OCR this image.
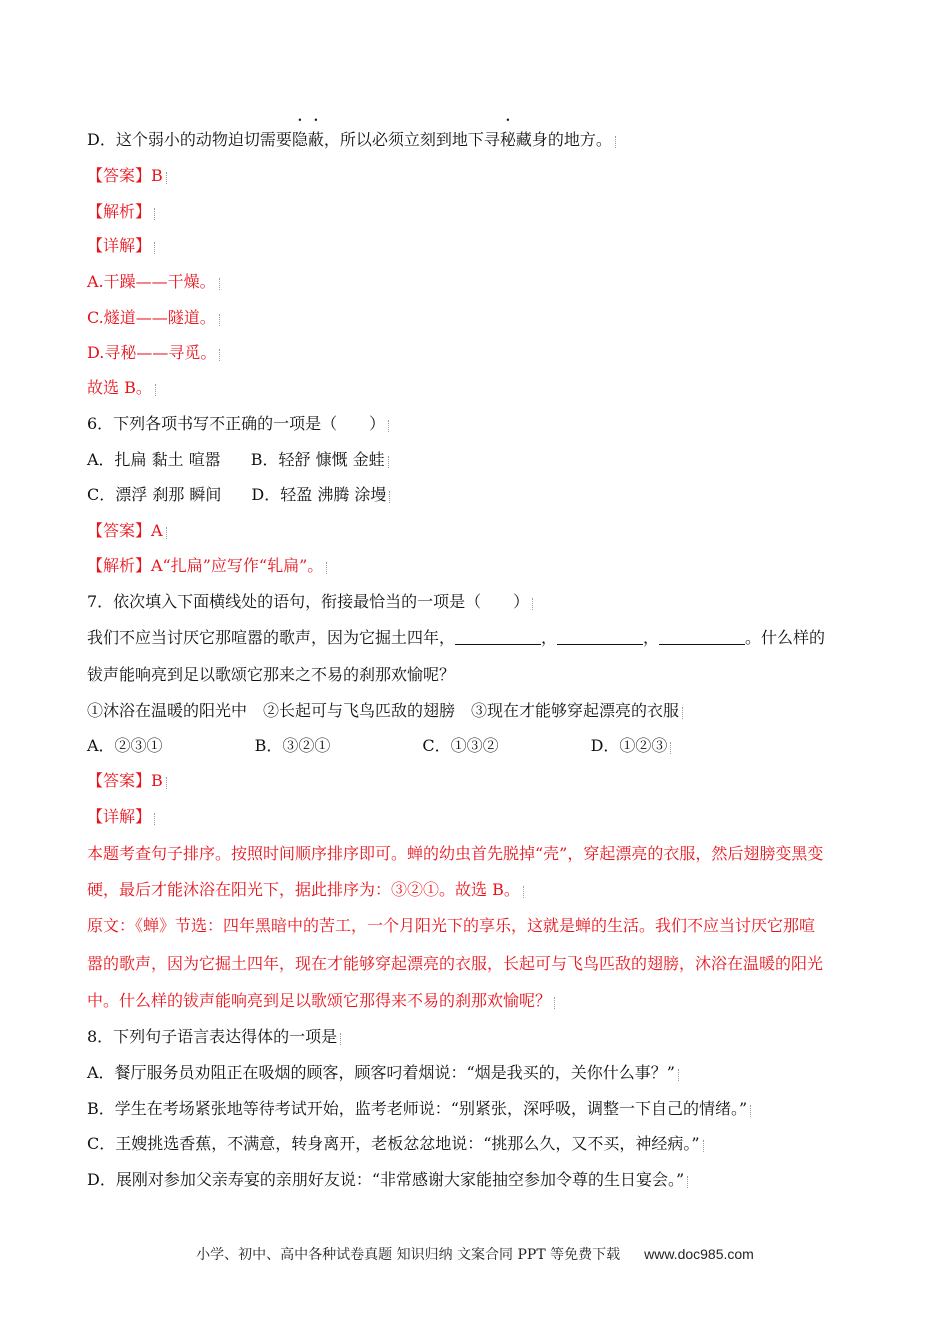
D．这个弱小的动物迫切需要隐蔽，所以必须立刻到地下寻秘藏身的地方。
【答案】B
【解析】
【详解】
A.干躁——干燥。
C.燧道——隧道。
D.寻秘——寻觅。
故选 B。
6．下列各项书写不正确的一项是（　　）
A．扎扁 黏土 喧嚣 B．轻舒 慷慨 金蛙
C．漂浮 刹那 瞬间 D．轻盈 沸腾 涂墁
【答案】A
【解析】A“扎扁”应写作“轧扁”。
7．依次填入下面横线处的语句，衔接最恰当的一项是（　　）
我们不应当讨厌它那喧嚣的歌声，因为它掘土四年，	，	，	。什么样的
钹声能响亮到足以歌颂它那来之不易的刹那欢愉呢？
①沐浴在温暖的阳光中　②长起可与飞鸟匹敌的翅膀　③现在才能够穿起漂亮的衣服
A．②③①	B．③②①	C．①③②	D．①②③
【答案】B
【详解】
本题考查句子排序。按照时间顺序排序即可。蝉的幼虫首先脱掉“壳”，穿起漂亮的衣服，然后翅膀变黑变
硬，最后才能沐浴在阳光下，据此排序为：③②①。故选 B。
原文：《蝉》节选：四年黑暗中的苦工，一个月阳光下的享乐，这就是蝉的生活。我们不应当讨厌它那喧
嚣的歌声，因为它掘土四年，现在才能够穿起漂亮的衣服，长起可与飞鸟匹敌的翅膀，沐浴在温暖的阳光
中。什么样的钹声能响亮到足以歌颂它那得来不易的刹那欢愉呢？
8．下列句子语言表达得体的一项是
A．餐厅服务员劝阻正在吸烟的顾客，顾客叼着烟说：“烟是我买的，关你什么事？”
B．学生在考场紧张地等待考试开始，监考老师说：“别紧张，深呼吸，调整一下自己的情绪。”
C．王嫂挑选香蕉，不满意，转身离开，老板忿忿地说：“挑那么久，又不买，神经病。”
D．展刚对参加父亲寿宴的亲朋好友说：“非常感谢大家能抽空参加令尊的生日宴会。”
小学、初中、高中各种试卷真题 知识归纳 文案合同 PPT 等免费下载 www.doc985.com
